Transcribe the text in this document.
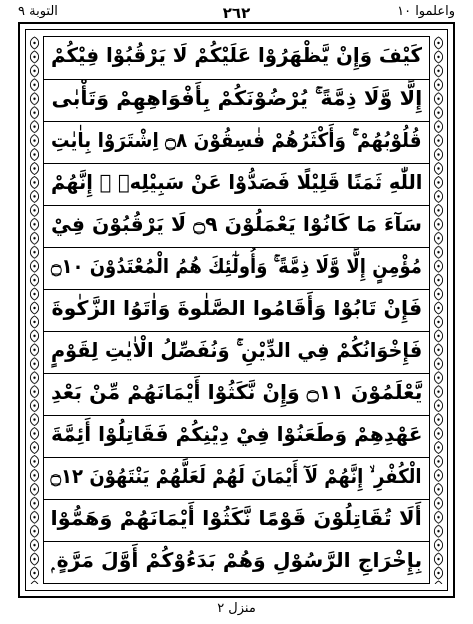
التوبة ٩	٢٦٢	واعلموا ١٠
كَيْفَ وَإِنْ يَّظْهَرُوْا عَلَيْكُمْ لَا يَرْقُبُوْا فِيْكُمْ
إِلًّا وَّلَا ذِمَّةً ۚ يُرْضُوْنَكُمْ بِأَفْوَاهِهِمْ وَتَأْبٰى
قُلُوْبُهُمْ ۚ وَأَكْثَرُهُمْ فٰسِقُوْنَ ۝٨ اِشْتَرَوْا بِاٰيٰتِ
اللّٰهِ ثَمَنًا قَلِيْلًا فَصَدُّوْا عَنْ سَبِيْلِهٖ ۚ إِنَّهُمْ
سَآءَ مَا كَانُوْا يَعْمَلُوْنَ ۝٩ لَا يَرْقُبُوْنَ فِيْ
مُؤْمِنٍ إِلًّا وَّلَا ذِمَّةً ۚ وَأُولٰٓئِكَ هُمُ الْمُعْتَدُوْنَ ۝١٠
فَإِنْ تَابُوْا وَأَقَامُوا الصَّلٰوةَ وَاٰتَوُا الزَّكٰوةَ
فَإِخْوَانُكُمْ فِي الدِّيْنِ ۚ وَنُفَصِّلُ الْاٰيٰتِ لِقَوْمٍ
يَّعْلَمُوْنَ ۝١١ وَإِنْ نَّكَثُوْا أَيْمَانَهُمْ مِّنْ بَعْدِ
عَهْدِهِمْ وَطَعَنُوْا فِيْ دِيْنِكُمْ فَقَاتِلُوْا أَئِمَّةَ
الْكُفْرِ ۙ إِنَّهُمْ لَآ أَيْمَانَ لَهُمْ لَعَلَّهُمْ يَنْتَهُوْنَ ۝١٢
أَلَا تُقَاتِلُوْنَ قَوْمًا نَّكَثُوْا أَيْمَانَهُمْ وَهَمُّوْا
بِإِخْرَاجِ الرَّسُوْلِ وَهُمْ بَدَءُوْكُمْ أَوَّلَ مَرَّةٍ ۭ
منزل ٢
